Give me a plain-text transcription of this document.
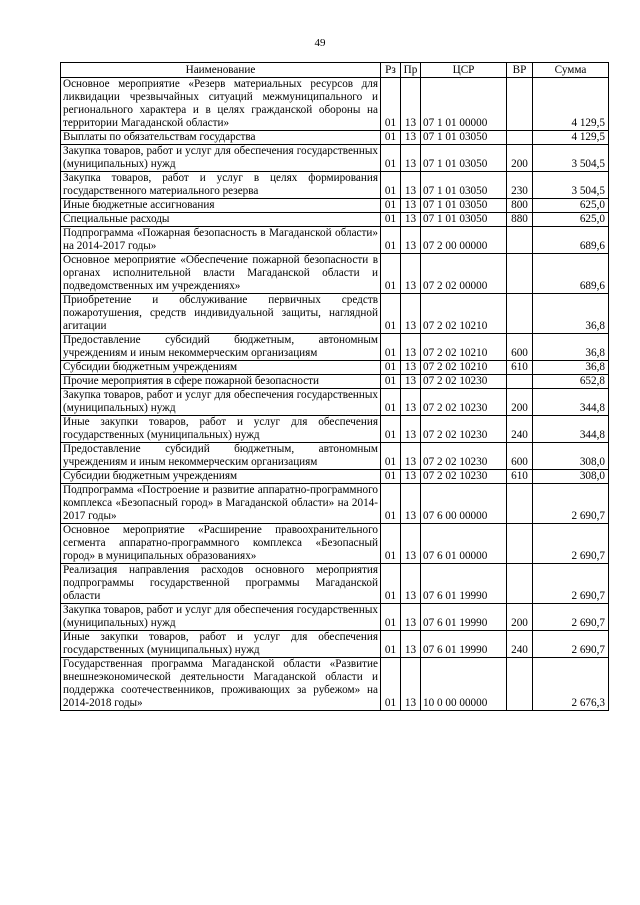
49
Наименование	Рз	Пр	ЦСР	ВР	Сумма
Основное мероприятие «Резерв материальных ресурсов для ликвидации чрезвычайных ситуаций межмуниципального и регионального характера и в целях гражданской обороны на территории Магаданской области»	01	13	07 1 01 00000		4 129,5
Выплаты по обязательствам государства	01	13	07 1 01 03050		4 129,5
Закупка товаров, работ и услуг для обеспечения государственных (муниципальных) нужд	01	13	07 1 01 03050	200	3 504,5
Закупка товаров, работ и услуг в целях формирования государственного материального резерва	01	13	07 1 01 03050	230	3 504,5
Иные бюджетные ассигнования	01	13	07 1 01 03050	800	625,0
Специальные расходы	01	13	07 1 01 03050	880	625,0
Подпрограмма «Пожарная безопасность в Магаданской области» на 2014-2017 годы»	01	13	07 2 00 00000		689,6
Основное мероприятие «Обеспечение пожарной безопасности в органах исполнительной власти Магаданской области и подведомственных им учреждениях»	01	13	07 2 02 00000		689,6
Приобретение и обслуживание первичных средств пожаротушения, средств индивидуальной защиты, наглядной агитации	01	13	07 2 02 10210		36,8
Предоставление субсидий бюджетным, автономным учреждениям и иным некоммерческим организациям	01	13	07 2 02 10210	600	36,8
Субсидии бюджетным учреждениям	01	13	07 2 02 10210	610	36,8
Прочие мероприятия в сфере пожарной безопасности	01	13	07 2 02 10230		652,8
Закупка товаров, работ и услуг для обеспечения государственных (муниципальных) нужд	01	13	07 2 02 10230	200	344,8
Иные закупки товаров, работ и услуг для обеспечения государственных (муниципальных) нужд	01	13	07 2 02 10230	240	344,8
Предоставление субсидий бюджетным, автономным учреждениям и иным некоммерческим организациям	01	13	07 2 02 10230	600	308,0
Субсидии бюджетным учреждениям	01	13	07 2 02 10230	610	308,0
Подпрограмма «Построение и развитие аппаратно-программного комплекса «Безопасный город» в Магаданской области» на 2014-2017 годы»	01	13	07 6 00 00000		2 690,7
Основное мероприятие «Расширение правоохранительного сегмента аппаратно-программного комплекса «Безопасный город» в муниципальных образованиях»	01	13	07 6 01 00000		2 690,7
Реализация направления расходов основного мероприятия подпрограммы государственной программы Магаданской области	01	13	07 6 01 19990		2 690,7
Закупка товаров, работ и услуг для обеспечения государственных (муниципальных) нужд	01	13	07 6 01 19990	200	2 690,7
Иные закупки товаров, работ и услуг для обеспечения государственных (муниципальных) нужд	01	13	07 6 01 19990	240	2 690,7
Государственная программа Магаданской области «Развитие внешнеэкономической деятельности Магаданской области и поддержка соотечественников, проживающих за рубежом» на 2014-2018 годы»	01	13	10 0 00 00000		2 676,3
